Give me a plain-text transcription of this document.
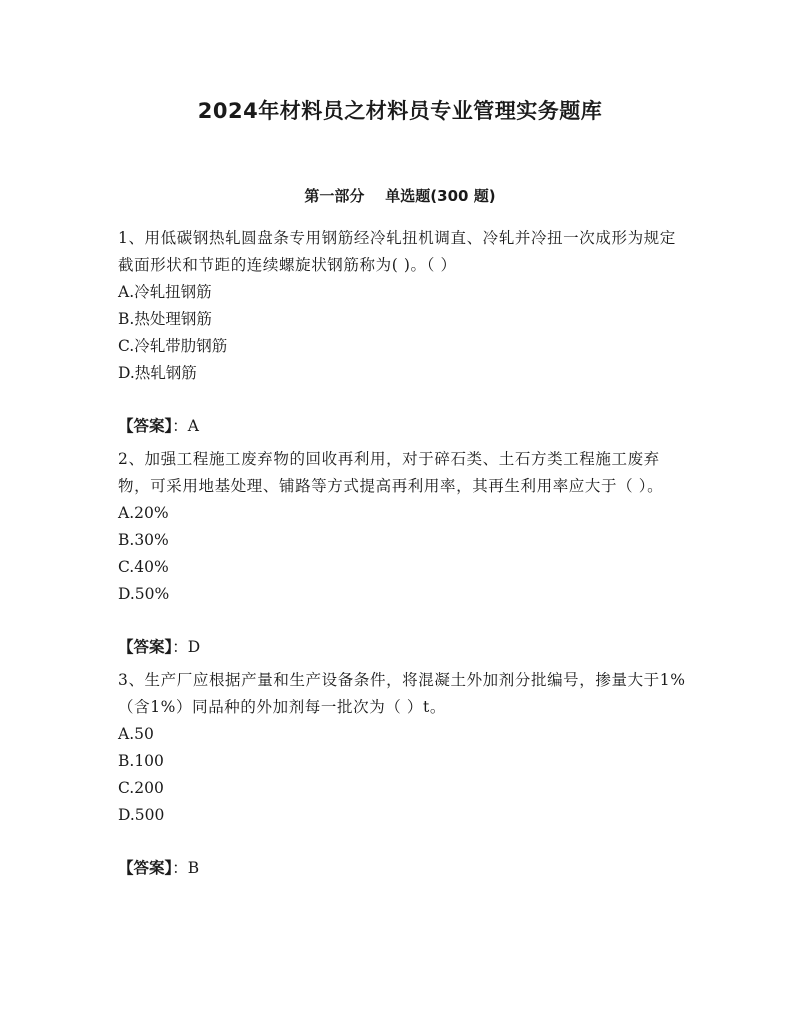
2024年材料员之材料员专业管理实务题库
第一部分    单选题(300 题)

1、用低碳钢热轧圆盘条专用钢筋经冷轧扭机调直、冷轧并冷扭一次成形为规定截面形状和节距的连续螺旋状钢筋称为( )。（ ）

A.冷轧扭钢筋
B.热处理钢筋
C.冷轧带肋钢筋
D.热轧钢筋
【答案】：A

2、加强工程施工废弃物的回收再利用，对于碎石类、土石方类工程施工废弃物，可采用地基处理、铺路等方式提高再利用率，其再生利用率应大于（ ）。

A.20%
B.30%
C.40%
D.50%
【答案】：D

3、生产厂应根据产量和生产设备条件，将混凝土外加剂分批编号，掺量大于1%（含1%）同品种的外加剂每一批次为（ ）t。

A.50
B.100
C.200
D.500
【答案】：B
